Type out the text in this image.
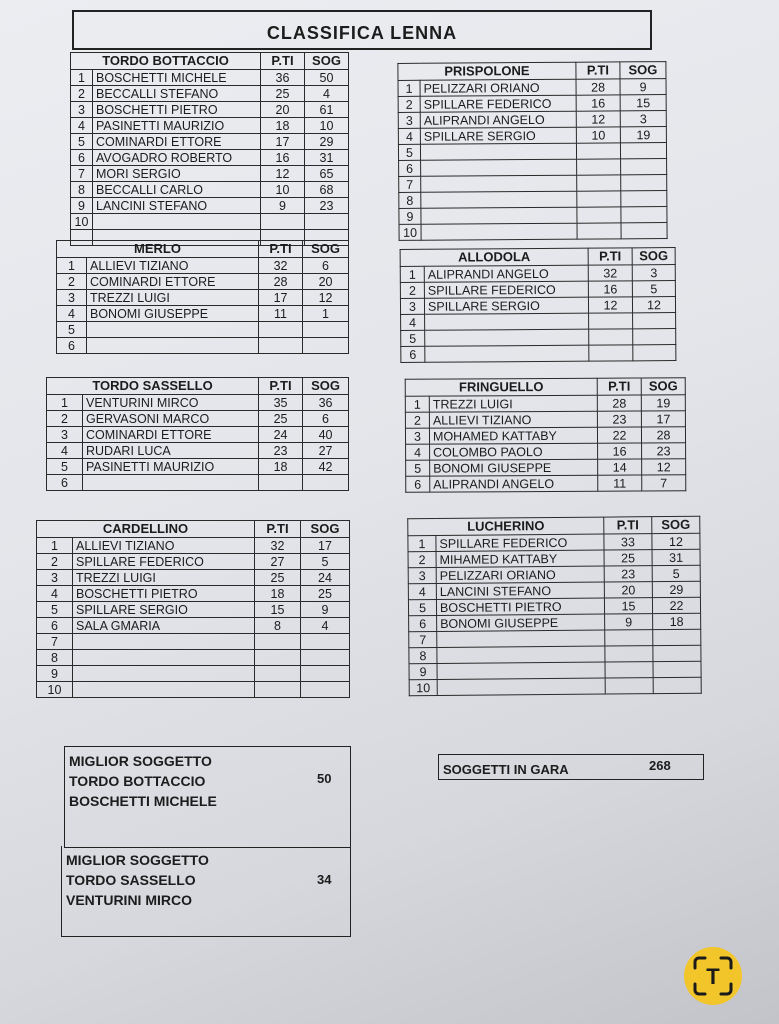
CLASSIFICA LENNA
TORDO BOTTACCIO		P.TI	SOG
1	BOSCHETTI MICHELE	36	50
2	BECCALLI STEFANO	25	4
3	BOSCHETTI PIETRO	20	61
4	PASINETTI MAURIZIO	18	10
5	COMINARDI ETTORE	17	29
6	AVOGADRO ROBERTO	16	31
7	MORI SERGIO	12	65
8	BECCALLI CARLO	10	68
9	LANCINI STEFANO	9	23
10			

PRISPOLONE		P.TI	SOG
1	PELIZZARI ORIANO	28	9
2	SPILLARE FEDERICO	16	15
3	ALIPRANDI ANGELO	12	3
4	SPILLARE SERGIO	10	19
5			
6			
7			
8			
9			
10			
MERLO		P.TI	SOG
1	ALLIEVI TIZIANO	32	6
2	COMINARDI ETTORE	28	20
3	TREZZI LUIGI	17	12
4	BONOMI GIUSEPPE	11	1
5			
6			
ALLODOLA		P.TI	SOG
1	ALIPRANDI ANGELO	32	3
2	SPILLARE FEDERICO	16	5
3	SPILLARE SERGIO	12	12
4			
5			
6			
TORDO SASSELLO		P.TI	SOG
1	VENTURINI MIRCO	35	36
2	GERVASONI MARCO	25	6
3	COMINARDI ETTORE	24	40
4	RUDARI LUCA	23	27
5	PASINETTI MAURIZIO	18	42
6			
FRINGUELLO		P.TI	SOG
1	TREZZI LUIGI	28	19
2	ALLIEVI TIZIANO	23	17
3	MOHAMED KATTABY	22	28
4	COLOMBO PAOLO	16	23
5	BONOMI GIUSEPPE	14	12
6	ALIPRANDI ANGELO	11	7
CARDELLINO		P.TI	SOG
1	ALLIEVI TIZIANO	32	17
2	SPILLARE FEDERICO	27	5
3	TREZZI LUIGI	25	24
4	BOSCHETTI PIETRO	18	25
5	SPILLARE SERGIO	15	9
6	SALA GMARIA	8	4
7			
8			
9			
10			
LUCHERINO		P.TI	SOG
1	SPILLARE FEDERICO	33	12
2	MIHAMED KATTABY	25	31
3	PELIZZARI ORIANO	23	5
4	LANCINI STEFANO	20	29
5	BOSCHETTI PIETRO	15	22
6	BONOMI GIUSEPPE	9	18
7			
8			
9			
10			
MIGLIOR SOGGETTO
TORDO BOTTACCIO
BOSCHETTI MICHELE
50
MIGLIOR SOGGETTO
TORDO SASSELLO
VENTURINI MIRCO
34
SOGGETTI IN GARA	268
T
